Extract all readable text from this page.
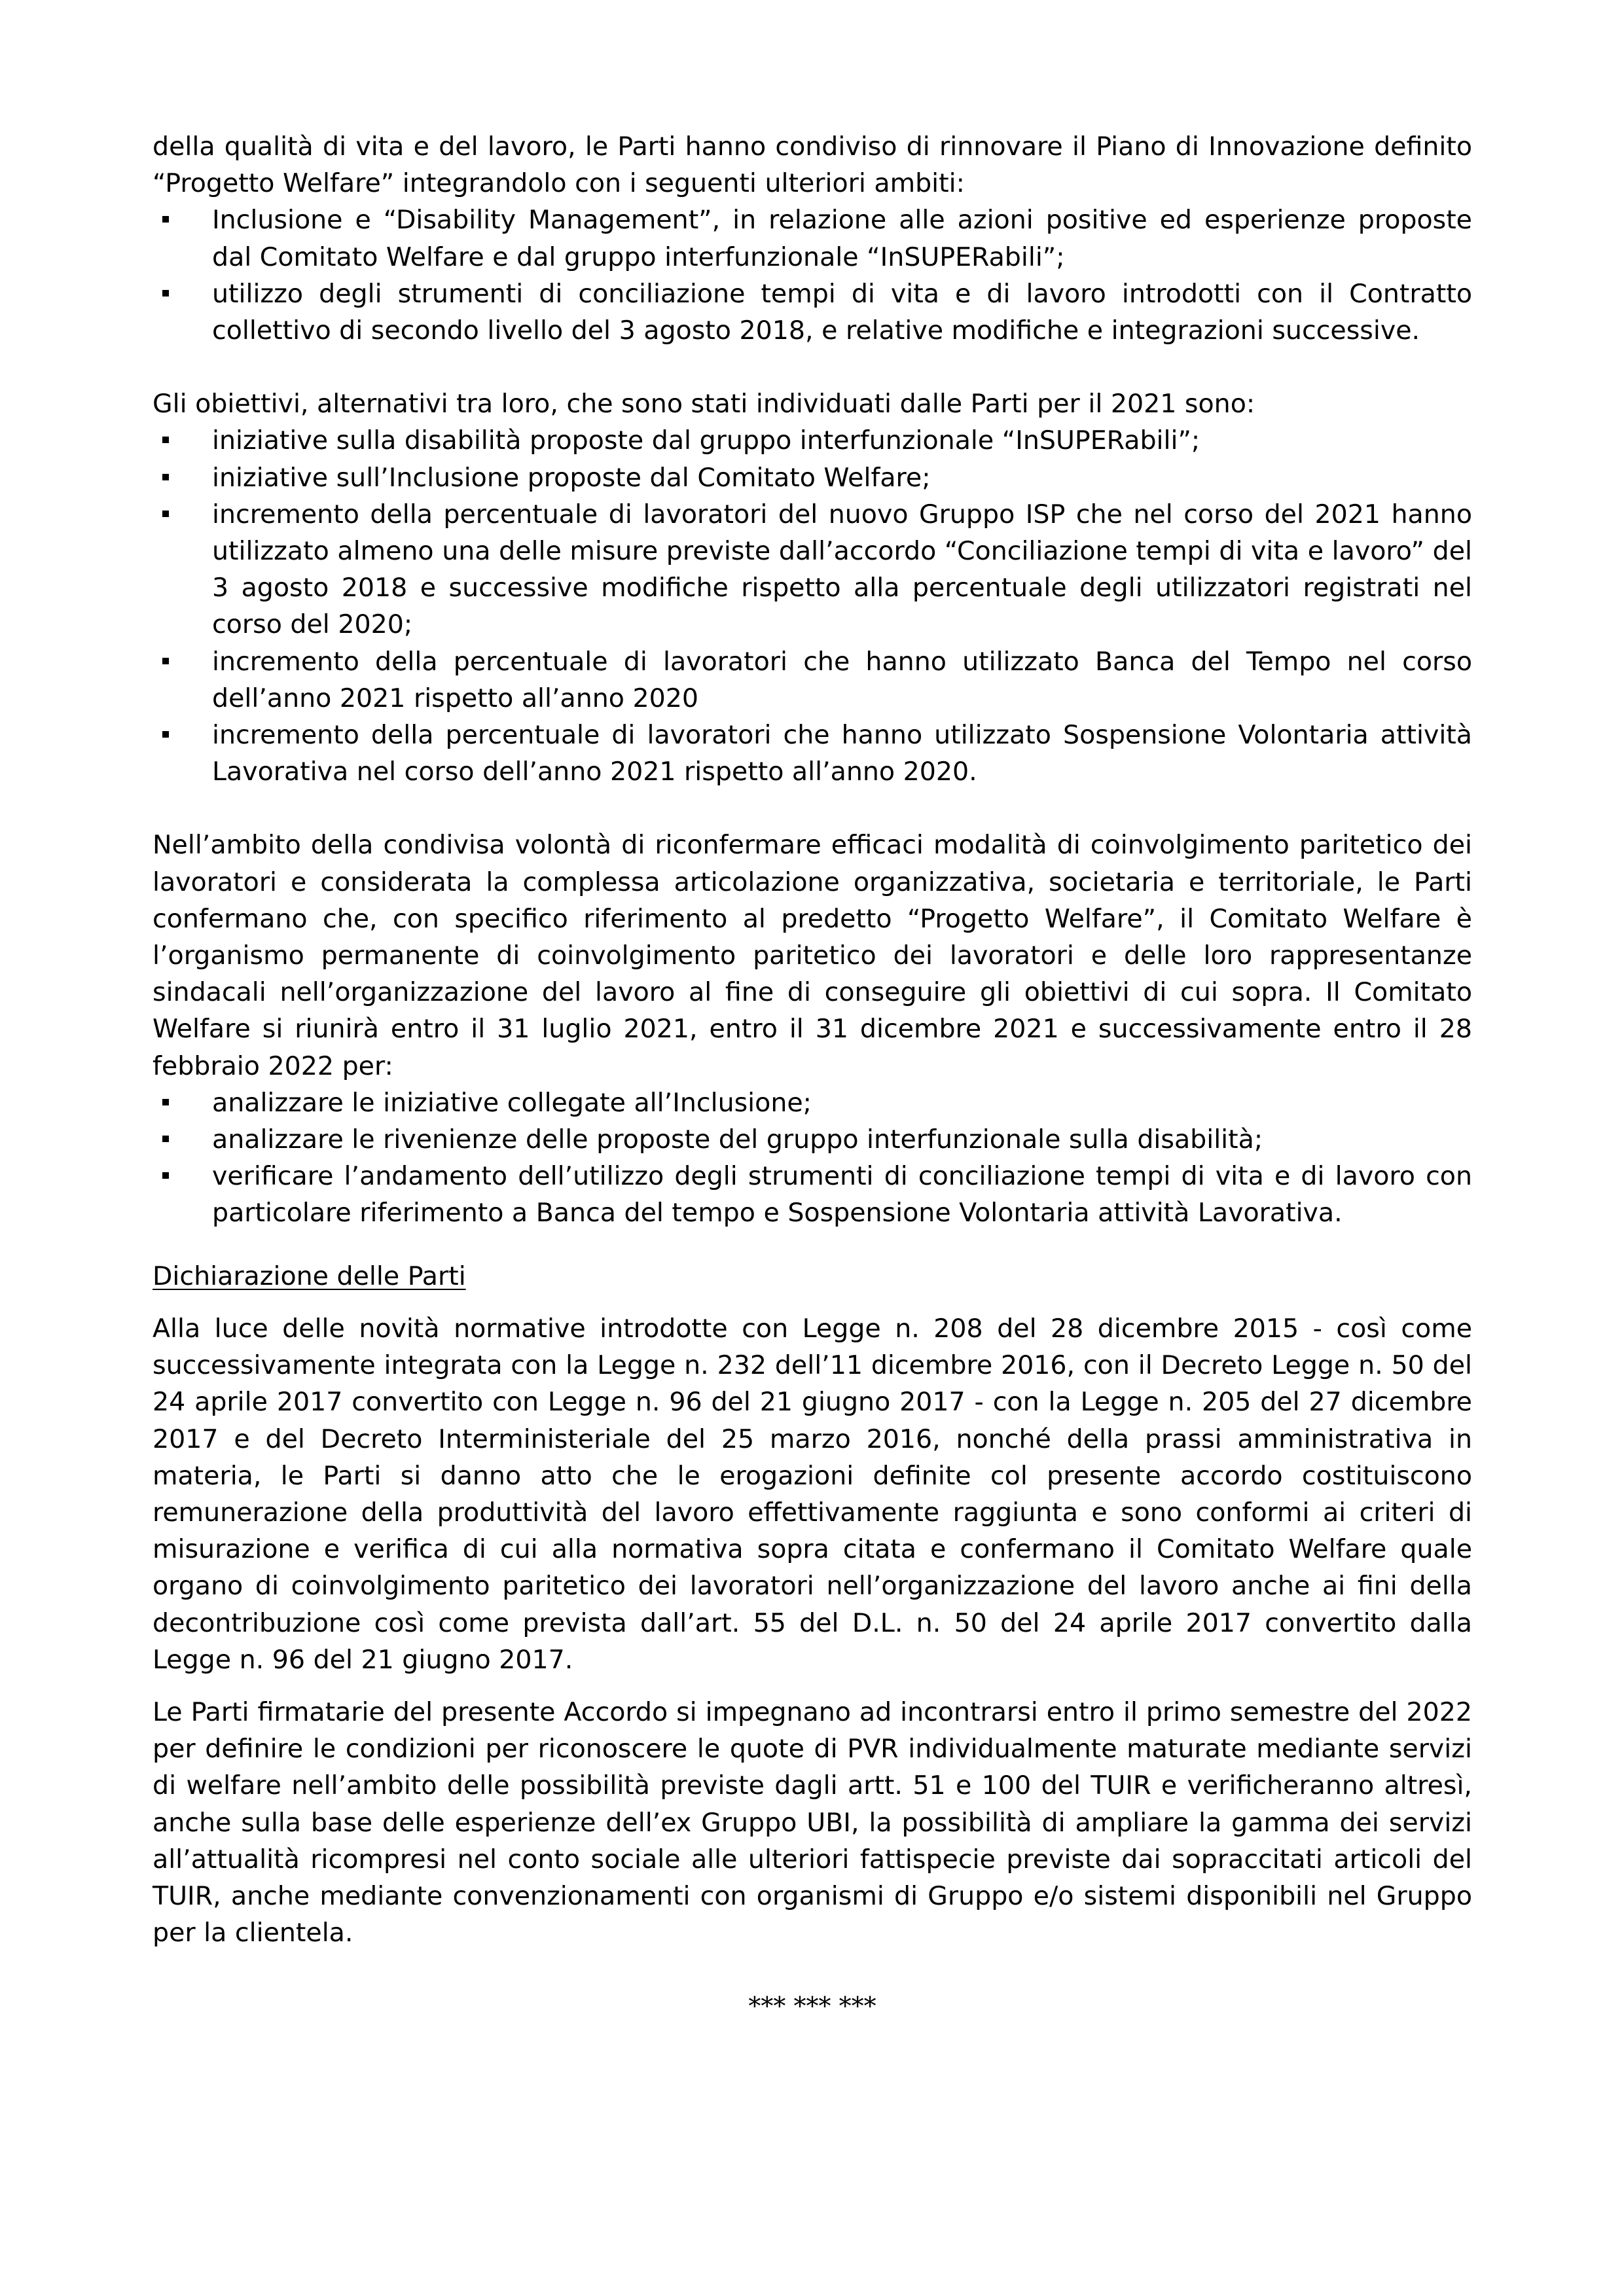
della qualità di vita e del lavoro, le Parti hanno condiviso di rinnovare il Piano di Innovazione definito “Progetto Welfare” integrandolo con i seguenti ulteriori ambiti:

Inclusione e “Disability Management”, in relazione alle azioni positive ed esperienze proposte dal Comitato Welfare e dal gruppo interfunzionale “InSUPERabili”;
utilizzo degli strumenti di conciliazione tempi di vita e di lavoro introdotti con il Contratto collettivo di secondo livello del 3 agosto 2018, e relative modifiche e integrazioni successive.

Gli obiettivi, alternativi tra loro, che sono stati individuati dalle Parti per il 2021 sono:

iniziative sulla disabilità proposte dal gruppo interfunzionale “InSUPERabili”;
iniziative sull’Inclusione proposte dal Comitato Welfare;
incremento della percentuale di lavoratori del nuovo Gruppo ISP che nel corso del 2021 hanno utilizzato almeno una delle misure previste dall’accordo “Conciliazione tempi di vita e lavoro” del 3 agosto 2018 e successive modifiche rispetto alla percentuale degli utilizzatori registrati nel corso del 2020;
incremento della percentuale di lavoratori che hanno utilizzato Banca del Tempo nel corso dell’anno 2021 rispetto all’anno 2020
incremento della percentuale di lavoratori che hanno utilizzato Sospensione Volontaria attività Lavorativa nel corso dell’anno 2021 rispetto all’anno 2020.

Nell’ambito della condivisa volontà di riconfermare efficaci modalità di coinvolgimento paritetico dei lavoratori e considerata la complessa articolazione organizzativa, societaria e territoriale, le Parti confermano che, con specifico riferimento al predetto “Progetto Welfare”, il Comitato Welfare è l’organismo permanente di coinvolgimento paritetico dei lavoratori e delle loro rappresentanze sindacali nell’organizzazione del lavoro al fine di conseguire gli obiettivi di cui sopra. Il Comitato Welfare si riunirà entro il 31 luglio 2021, entro il 31 dicembre 2021 e successivamente entro il 28 febbraio 2022 per:

analizzare le iniziative collegate all’Inclusione;
analizzare le rivenienze delle proposte del gruppo interfunzionale sulla disabilità;
verificare l’andamento dell’utilizzo degli strumenti di conciliazione tempi di vita e di lavoro con particolare riferimento a Banca del tempo e Sospensione Volontaria attività Lavorativa.

Dichiarazione delle Parti

Alla luce delle novità normative introdotte con Legge n. 208 del 28 dicembre 2015 - così come successivamente integrata con la Legge n. 232 dell’11 dicembre 2016, con il Decreto Legge n. 50 del 24 aprile 2017 convertito con Legge n. 96 del 21 giugno 2017 - con la Legge n. 205 del 27 dicembre 2017 e del Decreto Interministeriale del 25 marzo 2016, nonché della prassi amministrativa in materia, le Parti si danno atto che le erogazioni definite col presente accordo costituiscono remunerazione della produttività del lavoro effettivamente raggiunta e sono conformi ai criteri di misurazione e verifica di cui alla normativa sopra citata e confermano il Comitato Welfare quale organo di coinvolgimento paritetico dei lavoratori nell’organizzazione del lavoro anche ai fini della decontribuzione così come prevista dall’art. 55 del D.L. n. 50 del 24 aprile 2017 convertito dalla Legge n. 96 del 21 giugno 2017.

Le Parti firmatarie del presente Accordo si impegnano ad incontrarsi entro il primo semestre del 2022 per definire le condizioni per riconoscere le quote di PVR individualmente maturate mediante servizi di welfare nell’ambito delle possibilità previste dagli artt. 51 e 100 del TUIR e verificheranno altresì, anche sulla base delle esperienze dell’ex Gruppo UBI, la possibilità di ampliare la gamma dei servizi all’attualità ricompresi nel conto sociale alle ulteriori fattispecie previste dai sopraccitati articoli del TUIR, anche mediante convenzionamenti con organismi di Gruppo e/o sistemi disponibili nel Gruppo per la clientela.

*** *** ***
